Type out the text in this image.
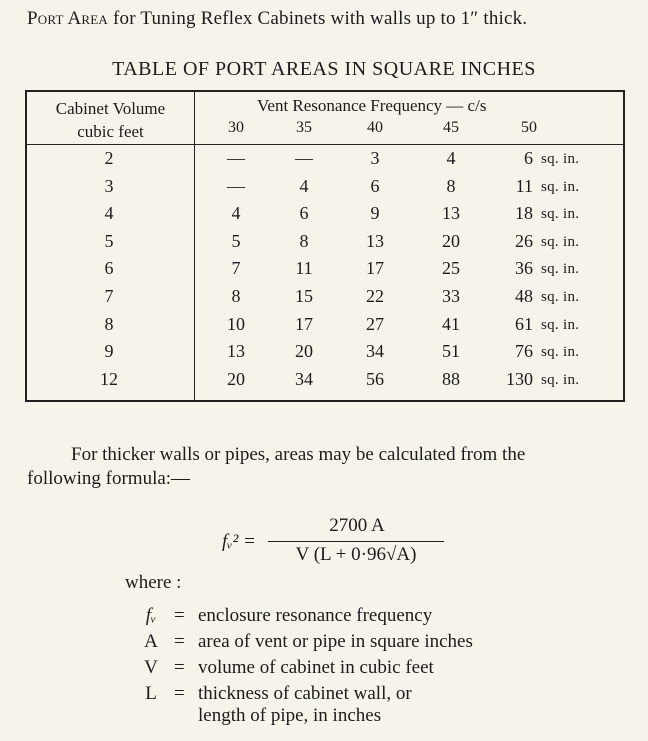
Port Area for Tuning Reflex Cabinets with walls up to 1″ thick.
TABLE OF PORT AREAS IN SQUARE INCHES
Cabinet Volume
cubic feet
Vent Resonance Frequency — c/s
30	35	40	45	50
2	—	—	3	4	6 sq. in.
3	—	4	6	8	11 sq. in.
4	4	6	9	13	18 sq. in.
5	5	8	13	20	26 sq. in.
6	7	11	17	25	36 sq. in.
7	8	15	22	33	48 sq. in.
8	10	17	27	41	61 sq. in.
9	13	20	34	51	76 sq. in.
12	20	34	56	88	130 sq. in.
For thicker walls or pipes, areas may be calculated from the
following formula:—
fᵥ² =
2700 A
V (L + 0·96√A)
where :
fᵥ = enclosure resonance frequency
A = area of vent or pipe in square inches
V = volume of cabinet in cubic feet
L = thickness of cabinet wall, or
length of pipe, in inches
